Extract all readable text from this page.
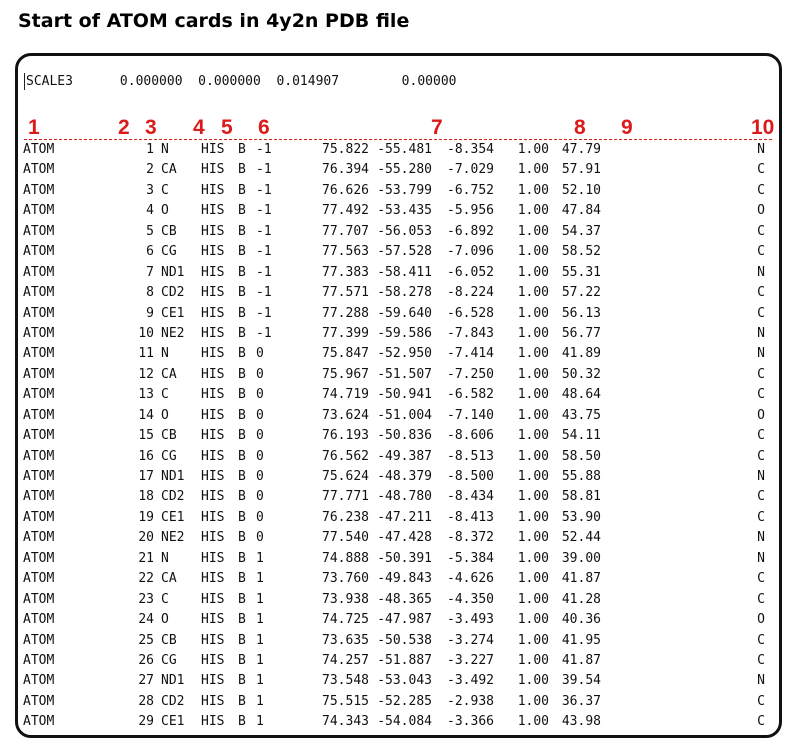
Start of ATOM cards in 4y2n PDB file
SCALE3      0.000000  0.000000  0.014907        0.00000
1	2 3 4 5 6	7	8 9	10
ATOM	1 N HIS B -1	75.822 -55.481 -8.354 1.00 47.79	N
ATOM	2 CA HIS B -1	76.394 -55.280 -7.029 1.00 57.91	C
ATOM	3 C HIS B -1	76.626 -53.799 -6.752 1.00 52.10	C
ATOM	4 O HIS B -1	77.492 -53.435 -5.956 1.00 47.84	O
ATOM	5 CB HIS B -1	77.707 -56.053 -6.892 1.00 54.37	C
ATOM	6 CG HIS B -1	77.563 -57.528 -7.096 1.00 58.52	C
ATOM	7 ND1 HIS B -1	77.383 -58.411 -6.052 1.00 55.31	N
ATOM	8 CD2 HIS B -1	77.571 -58.278 -8.224 1.00 57.22	C
ATOM	9 CE1 HIS B -1	77.288 -59.640 -6.528 1.00 56.13	C
ATOM	10 NE2 HIS B -1	77.399 -59.586 -7.843 1.00 56.77	N
ATOM	11 N HIS B 0	75.847 -52.950 -7.414 1.00 41.89	N
ATOM	12 CA HIS B 0	75.967 -51.507 -7.250 1.00 50.32	C
ATOM	13 C HIS B 0	74.719 -50.941 -6.582 1.00 48.64	C
ATOM	14 O HIS B 0	73.624 -51.004 -7.140 1.00 43.75	O
ATOM	15 CB HIS B 0	76.193 -50.836 -8.606 1.00 54.11	C
ATOM	16 CG HIS B 0	76.562 -49.387 -8.513 1.00 58.50	C
ATOM	17 ND1 HIS B 0	75.624 -48.379 -8.500 1.00 55.88	N
ATOM	18 CD2 HIS B 0	77.771 -48.780 -8.434 1.00 58.81	C
ATOM	19 CE1 HIS B 0	76.238 -47.211 -8.413 1.00 53.90	C
ATOM	20 NE2 HIS B 0	77.540 -47.428 -8.372 1.00 52.44	N
ATOM	21 N HIS B 1	74.888 -50.391 -5.384 1.00 39.00	N
ATOM	22 CA HIS B 1	73.760 -49.843 -4.626 1.00 41.87	C
ATOM	23 C HIS B 1	73.938 -48.365 -4.350 1.00 41.28	C
ATOM	24 O HIS B 1	74.725 -47.987 -3.493 1.00 40.36	O
ATOM	25 CB HIS B 1	73.635 -50.538 -3.274 1.00 41.95	C
ATOM	26 CG HIS B 1	74.257 -51.887 -3.227 1.00 41.87	C
ATOM	27 ND1 HIS B 1	73.548 -53.043 -3.492 1.00 39.54	N
ATOM	28 CD2 HIS B 1	75.515 -52.285 -2.938 1.00 36.37	C
ATOM	29 CE1 HIS B 1	74.343 -54.084 -3.366 1.00 43.98	C
